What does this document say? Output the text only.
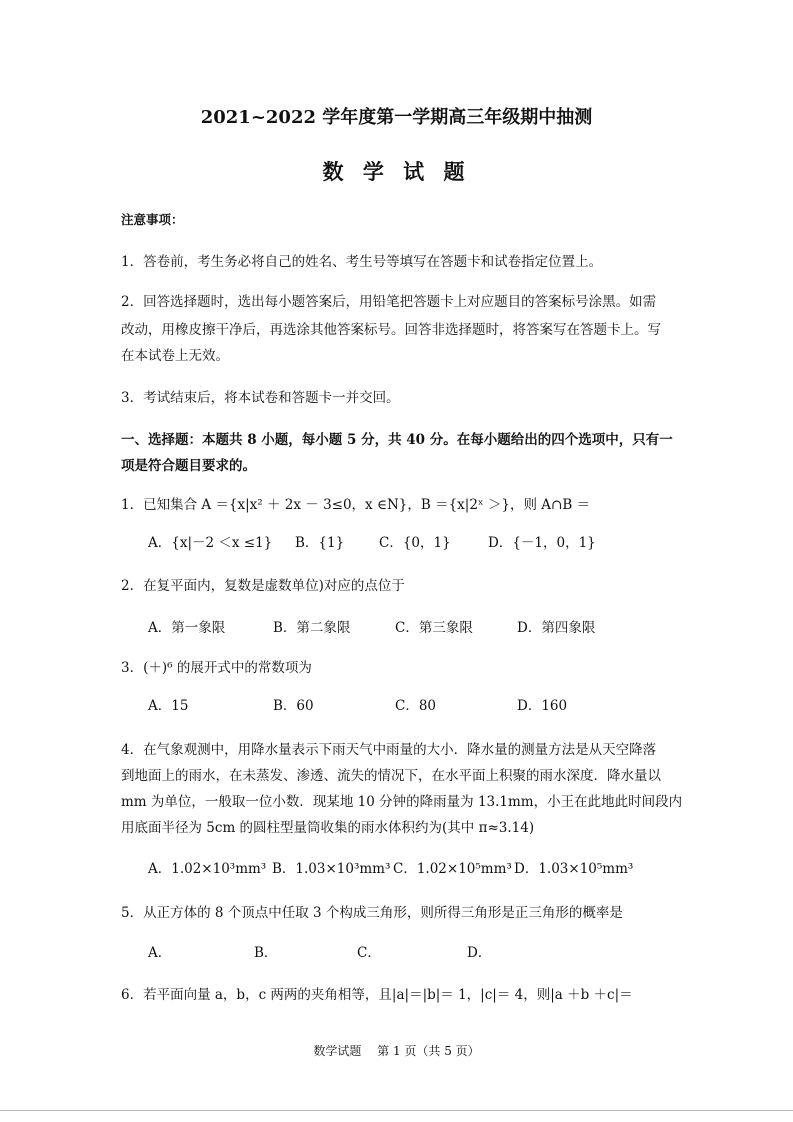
2021~2022 学年度第一学期高三年级期中抽测
数 学 试 题
注意事项：
1．答卷前，考生务必将自己的姓名、考生号等填写在答题卡和试卷指定位置上。
2．回答选择题时，选出每小题答案后，用铅笔把答题卡上对应题目的答案标号涂黑。如需
改动，用橡皮擦干净后，再选涂其他答案标号。回答非选择题时，将答案写在答题卡上。写
在本试卷上无效。
3．考试结束后，将本试卷和答题卡一并交回。
一、选择题：本题共 8 小题，每小题 5 分，共 40 分。在每小题给出的四个选项中，只有一
项是符合题目要求的。
1．已知集合 A ＝{x|x² ＋ 2x － 3≤0，x ∈N}，B ＝{x|2ˣ ＞}，则 A∩B ＝
A．{x|－2 ＜x ≤1} B．{1}	C．{0，1}	D．{－1，0，1}
2．在复平面内，复数是虚数单位)对应的点位于
A．第一象限	B．第二象限	C．第三象限	D．第四象限
3．(＋)⁶ 的展开式中的常数项为
A．15	B．60	C．80	D．160
4．在气象观测中，用降水量表示下雨天气中雨量的大小．降水量的测量方法是从天空降落
到地面上的雨水，在未蒸发、渗透、流失的情况下，在水平面上积聚的雨水深度．降水量以
mm 为单位，一般取一位小数．现某地 10 分钟的降雨量为 13.1mm，小王在此地此时间段内
用底面半径为 5cm 的圆柱型量筒收集的雨水体积约为(其中 π≈3.14)
A．1.02×10³mm³ B．1.03×10³mm³ C．1.02×10⁵mm³ D．1.03×10⁵mm³
5．从正方体的 8 个顶点中任取 3 个构成三角形，则所得三角形是正三角形的概率是
A．	B．	C．	D．
6．若平面向量 a，b，c 两两的夹角相等，且|a|＝|b|＝ 1，|c|＝ 4，则|a ＋b ＋c|＝
数学试题　 第 1 页（共 5 页）
